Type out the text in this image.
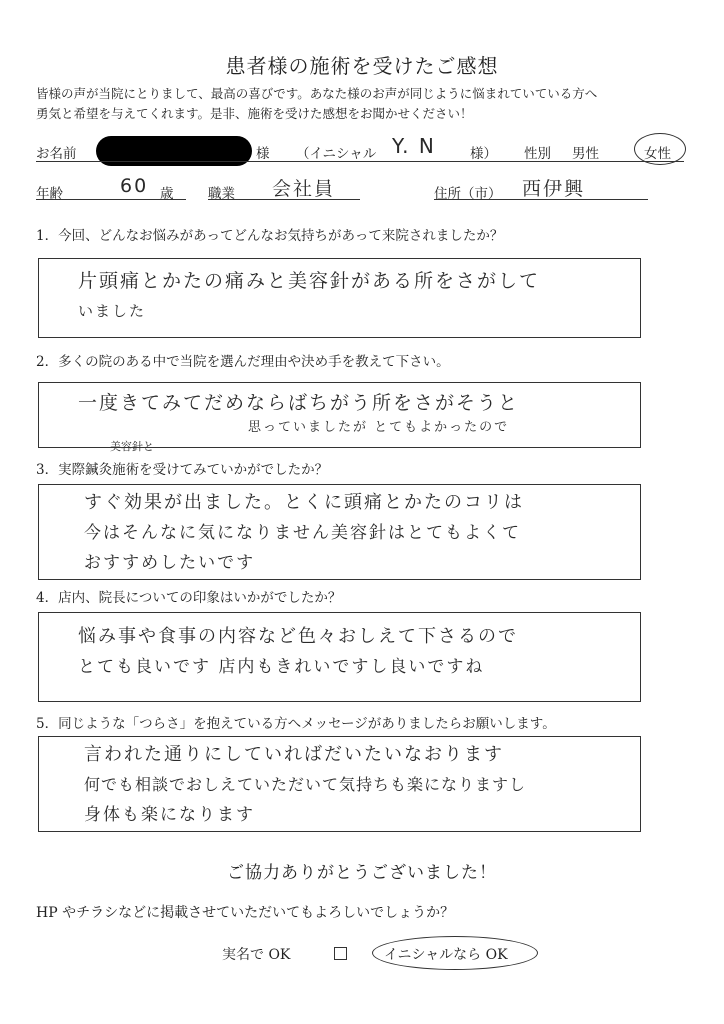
患者様の施術を受けたご感想
皆様の声が当院にとりまして、最高の喜びです。あなた様のお声が同じように悩まれていている方へ
勇気と希望を与えてくれます。是非、施術を受けた感想をお聞かせください！
お名前	様 （イニシャル Y. N	様） 性別 男性	女性
年齢	60 歳	職業 会社員	住所（市） 西伊興
1．今回、どんなお悩みがあってどんなお気持ちがあって来院されましたか？
片頭痛とかたの痛みと美容針がある所をさがして
いました
2．多くの院のある中で当院を選んだ理由や決め手を教えて下さい。
一度きてみてだめならばちがう所をさがそうと
思っていましたが とてもよかったので
美容針と
3．実際鍼灸施術を受けてみていかがでしたか？
すぐ効果が出ました。とくに頭痛とかたのコリは
今はそんなに気になりません美容針はとてもよくて
おすすめしたいです
4．店内、院長についての印象はいかがでしたか？
悩み事や食事の内容など色々おしえて下さるので
とても良いです 店内もきれいですし良いですね
5．同じような「つらさ」を抱えている方へメッセージがありましたらお願いします。
言われた通りにしていればだいたいなおります
何でも相談でおしえていただいて気持ちも楽になりますし
身体も楽になります
ご協力ありがとうございました！
HP やチラシなどに掲載させていただいてもよろしいでしょうか？
実名で OK	イニシャルなら OK
